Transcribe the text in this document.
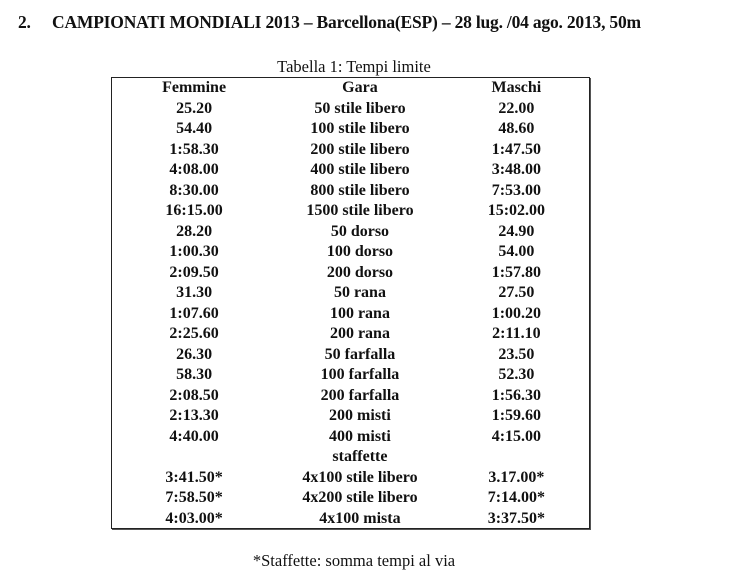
2. CAMPIONATI MONDIALI 2013 – Barcellona(ESP) – 28 lug. /04 ago. 2013, 50m
Tabella 1: Tempi limite
Femmine	Gara	Maschi
25.20	50 stile libero	22.00
54.40	100 stile libero	48.60
1:58.30	200 stile libero	1:47.50
4:08.00	400 stile libero	3:48.00
8:30.00	800 stile libero	7:53.00
16:15.00	1500 stile libero	15:02.00
28.20	50 dorso	24.90
1:00.30	100 dorso	54.00
2:09.50	200 dorso	1:57.80
31.30	50 rana	27.50
1:07.60	100 rana	1:00.20
2:25.60	200 rana	2:11.10
26.30	50 farfalla	23.50
58.30	100 farfalla	52.30
2:08.50	200 farfalla	1:56.30
2:13.30	200 misti	1:59.60
4:40.00	400 misti	4:15.00
	staffette	
3:41.50*	4x100 stile libero	3.17.00*
7:58.50*	4x200 stile libero	7:14.00*
4:03.00*	4x100 mista	3:37.50*
*Staffette: somma tempi al via
